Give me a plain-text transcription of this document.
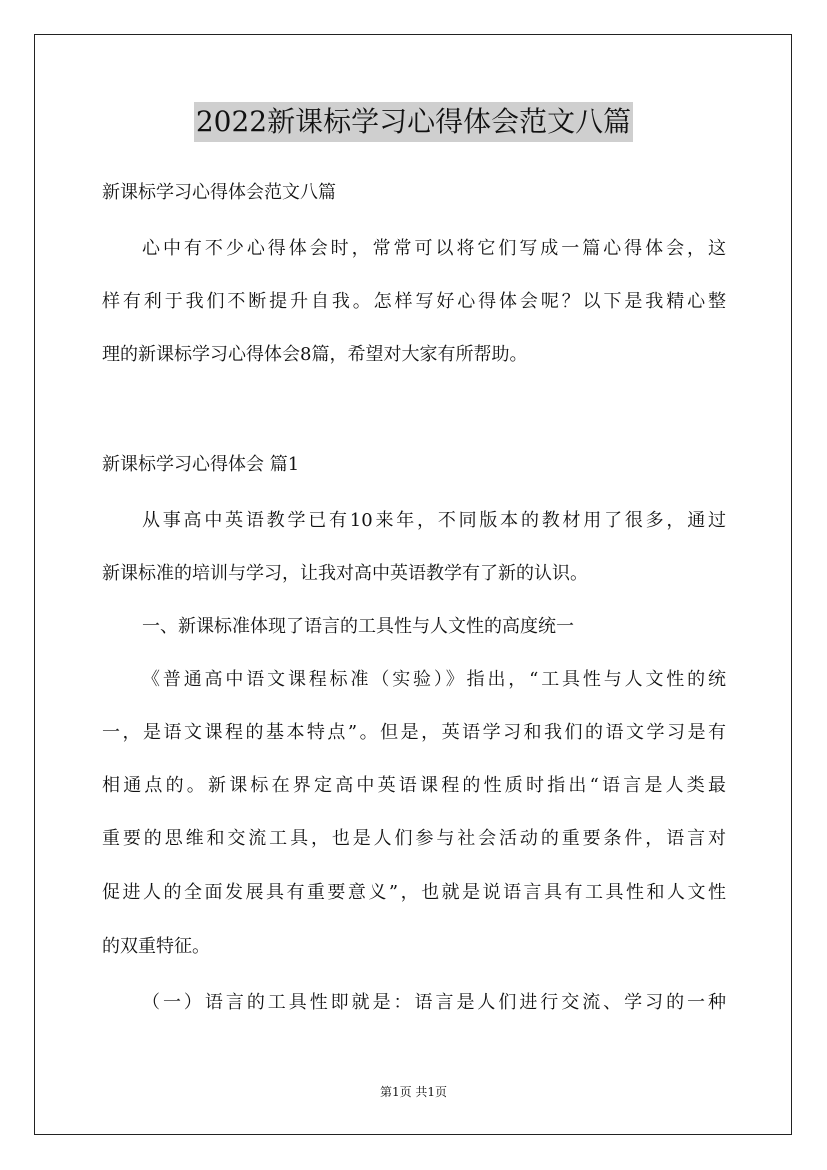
2022新课标学习心得体会范文八篇
新课标学习心得体会范文八篇
心中有不少心得体会时，常常可以将它们写成一篇心得体会，这
样有利于我们不断提升自我。怎样写好心得体会呢？以下是我精心整
理的新课标学习心得体会8篇，希望对大家有所帮助。
新课标学习心得体会 篇1
从事高中英语教学已有10来年，不同版本的教材用了很多，通过
新课标准的培训与学习，让我对高中英语教学有了新的认识。
一、新课标准体现了语言的工具性与人文性的高度统一
《普通高中语文课程标准（实验）》指出，“工具性与人文性的统
一，是语文课程的基本特点”。但是，英语学习和我们的语文学习是有
相通点的。新课标在界定高中英语课程的性质时指出“语言是人类最
重要的思维和交流工具，也是人们参与社会活动的重要条件，语言对
促进人的全面发展具有重要意义”，也就是说语言具有工具性和人文性
的双重特征。
（一）语言的工具性即就是：语言是人们进行交流、学习的一种
第1页 共1页
